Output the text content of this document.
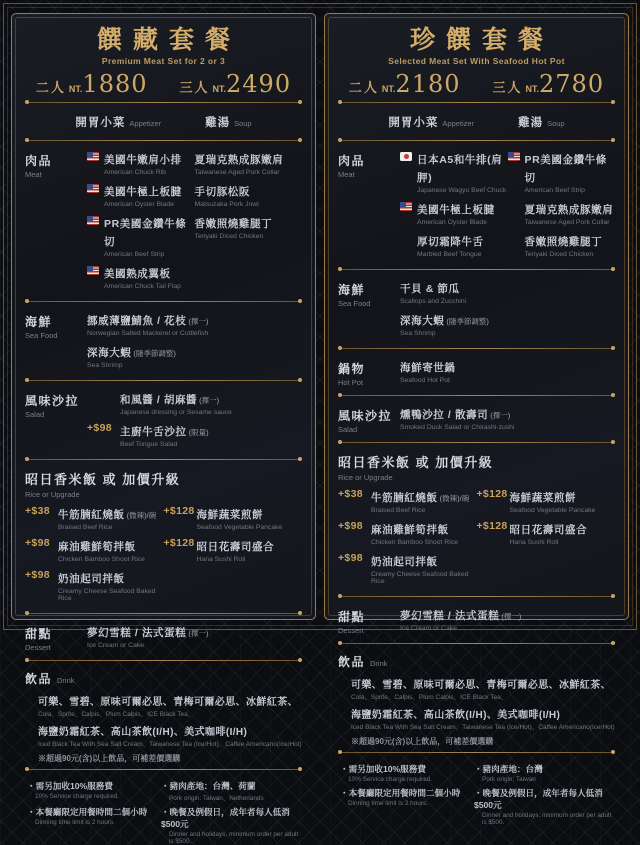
饌藏套餐
Premium Meat Set for 2 or 3
二人 NT.1880 三人 NT.2490
開胃小菜 Appetizer	雞湯 Soup
肉品
Meat
美國牛嫩肩小排
American Chuck Rib
美國牛極上板腱
American Oyster Blade
PR美國金鑽牛條切
American Beef Strip
美國熟成翼板
American Chuck Tail Flap
夏瑞克熟成豚嫩肩
Taiwanese Aged Pork Collar
手切豚松阪
Matsuzaka Pork Jowl
香嫩照燒雞腿丁
Teriyaki Diced Chicken
海鮮
Sea Food
挪威薄鹽鯖魚 / 花枝 (擇一)
Norwegian Salted Mackerel or Cuttlefish
深海大蝦 (隨季節調整)
Sea Shrimp
風味沙拉
Salad
和風醬 / 胡麻醬 (擇一)
Japanese dressing or Sesame sauce
+$98 主廚牛舌沙拉 (限量)
Beef Tongue Salad
昭日香米飯 或 加價升級
Rice or Upgrade
+$38 牛筋腩紅燒飯 (微辣)/碗
Braised Beef Rice
+$98 麻油雞鮮筍拌飯
Chicken Bamboo Shoot Rice
+$98 奶油起司拌飯
Creamy Cheese Seafood Baked Rice
+$128 海鮮蔬菜煎餅
Seafood Vegetable Pancake
+$128 昭日花壽司盛合
Hana Sushi Roll
甜點
Dessert
夢幻雪糕 / 法式蛋糕 (擇一)
Ice Cream or Cake
飲品 Drink
可樂、雪碧、原味可爾必思、青梅可爾必思、冰鮮紅茶、
Cola、Sprite、Calpis、Plum Calpis、ICE Black Tea、
海鹽奶霜紅茶、高山茶飲(I/H)、美式咖啡(I/H)
Iced Black Tea With Sea Salt Cream、Taiwanese Tea (Ice/Hot)、Caffee Americano(Ice/Hot)
※超過90元(含)以上飲品，可補差價選購
・ 需另加收10%服務費
10% Service charge required.
・ 豬肉產地：台灣、荷蘭
Pork origin: Taiwan、Netherlands
・ 本餐廳限定用餐時間二個小時
Dinning time limit is 2 hours.
・ 晚餐及例假日，成年者每人低消$500元
Dinner and holidays, minimum order per adult is $500.
珍饌套餐
Selected Meat Set With Seafood Hot Pot
二人 NT.2180 三人 NT.2780
開胃小菜 Appetizer	雞湯 Soup
肉品
Meat
日本A5和牛排(肩胛)
Japanese Wagyu Beef Chuck
美國牛極上板腱
American Oyster Blade
厚切霜降牛舌
Marbled Beef Tongue
PR美國金鑽牛條切
American Beef Strip
夏瑞克熟成豚嫩肩
Taiwanese Aged Pork Collar
香嫩照燒雞腿丁
Teriyaki Diced Chicken
海鮮
Sea Food
干貝 & 節瓜
Scallops and Zucchini
深海大蝦 (隨季節調整)
Sea Shrimp
鍋物
Hot Pot
海鮮寄世鍋
Seafood Hot Pot
風味沙拉
Salad
燻鴨沙拉 / 散壽司 (擇一)
Smoked Duck Salad or Chirashi-zushi
昭日香米飯 或 加價升級
Rice or Upgrade
+$38 牛筋腩紅燒飯 (微辣)/碗
Braised Beef Rice
+$98 麻油雞鮮筍拌飯
Chicken Bamboo Shoot Rice
+$98 奶油起司拌飯
Creamy Cheese Seafood Baked Rice
+$128 海鮮蔬菜煎餅
Seafood Vegetable Pancake
+$128 昭日花壽司盛合
Hana Sushi Roll
甜點
Dessert
夢幻雪糕 / 法式蛋糕 (擇一)
Ice Cream or Cake
飲品 Drink
可樂、雪碧、原味可爾必思、青梅可爾必思、冰鮮紅茶、
Cola、Sprite、Calpis、Plum Calpis、ICE Black Tea、
海鹽奶霜紅茶、高山茶飲(I/H)、美式咖啡(I/H)
Iced Black Tea With Sea Salt Cream、Taiwanese Tea (Ice/Hot)、Caffee Americano(Ice/Hot)
※超過90元(含)以上飲品，可補差價選購
・ 需另加收10%服務費
10% Service charge required.
・ 豬肉產地：台灣
Pork origin: Taiwan
・ 本餐廳限定用餐時間二個小時
Dinning time limit is 2 hours.
・ 晚餐及例假日，成年者每人低消$500元
Dinner and holidays, minimum order per adult is $500.
